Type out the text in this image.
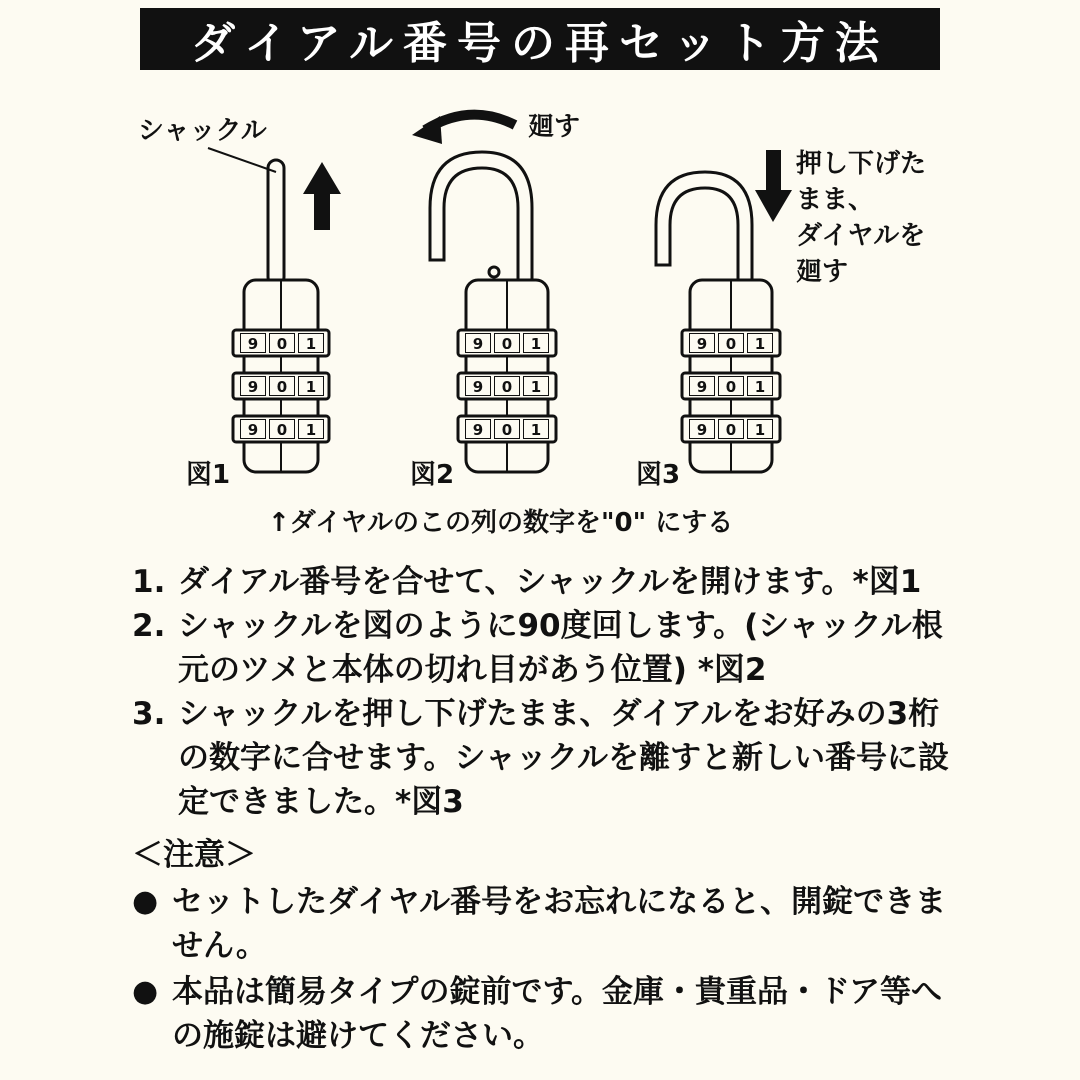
ダイアル番号の再セット方法
9	0	1
9	0	1
9	0	1
9	0	1
9	0	1
9	0	1
9	0	1
9	0	1
9	0	1
シャックル	廻す
押し下げた
まま、
ダイヤルを
廻す
図1	図2	図3
↑ダイヤルのこの列の数字を"0" にする
1. ダイアル番号を合せて、シャックルを開けます。*図1
2. シャックルを図のように90度回します。(シャックル根元のツメと本体の切れ目があう位置) *図2
3. シャックルを押し下げたまま、ダイアルをお好みの3桁の数字に合せます。シャックルを離すと新しい番号に設定できました。*図3
＜注意＞
● セットしたダイヤル番号をお忘れになると、開錠できません。
● 本品は簡易タイプの錠前です。金庫・貴重品・ドア等への施錠は避けてください。
